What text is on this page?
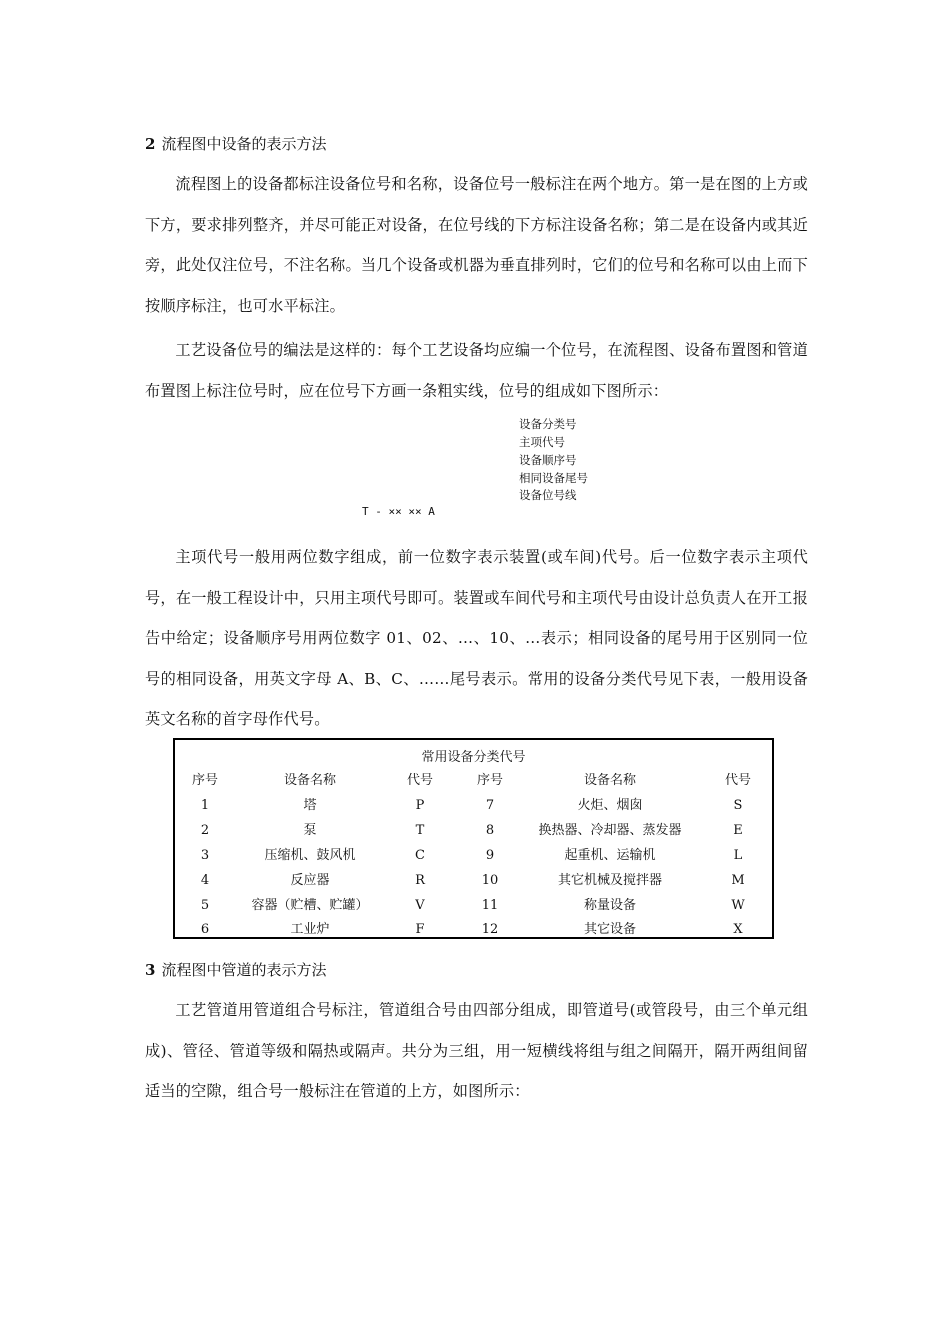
2 流程图中设备的表示方法
流程图上的设备都标注设备位号和名称，设备位号一般标注在两个地方。第一是在图的上方或下方，要求排列整齐，并尽可能正对设备，在位号线的下方标注设备名称；第二是在设备内或其近旁，此处仅注位号，不注名称。当几个设备或机器为垂直排列时，它们的位号和名称可以由上而下按顺序标注，也可水平标注。
工艺设备位号的编法是这样的：每个工艺设备均应编一个位号，在流程图、设备布置图和管道布置图上标注位号时，应在位号下方画一条粗实线，位号的组成如下图所示：
设备分类号
主项代号
设备顺序号
相同设备尾号
设备位号线
T - ×× ×× A
主项代号一般用两位数字组成，前一位数字表示装置(或车间)代号。后一位数字表示主项代号，在一般工程设计中，只用主项代号即可。装置或车间代号和主项代号由设计总负责人在开工报告中给定；设备顺序号用两位数字 01、02、…、10、…表示；相同设备的尾号用于区别同一位号的相同设备，用英文字母 A、B、C、……尾号表示。常用的设备分类代号见下表，一般用设备英文名称的首字母作代号。
常用设备分类代号
序号	设备名称	代号	序号	设备名称	代号
1	塔	P	7	火炬、烟囱	S
2	泵	T	8	换热器、冷却器、蒸发器	E
3	压缩机、鼓风机	C	9	起重机、运输机	L
4	反应器	R	10	其它机械及搅拌器	M
5	容器（贮槽、贮罐）	V	11	称量设备	W
6	工业炉	F	12	其它设备	X
3 流程图中管道的表示方法
工艺管道用管道组合号标注，管道组合号由四部分组成，即管道号(或管段号，由三个单元组成)、管径、管道等级和隔热或隔声。共分为三组，用一短横线将组与组之间隔开，隔开两组间留适当的空隙，组合号一般标注在管道的上方，如图所示：
